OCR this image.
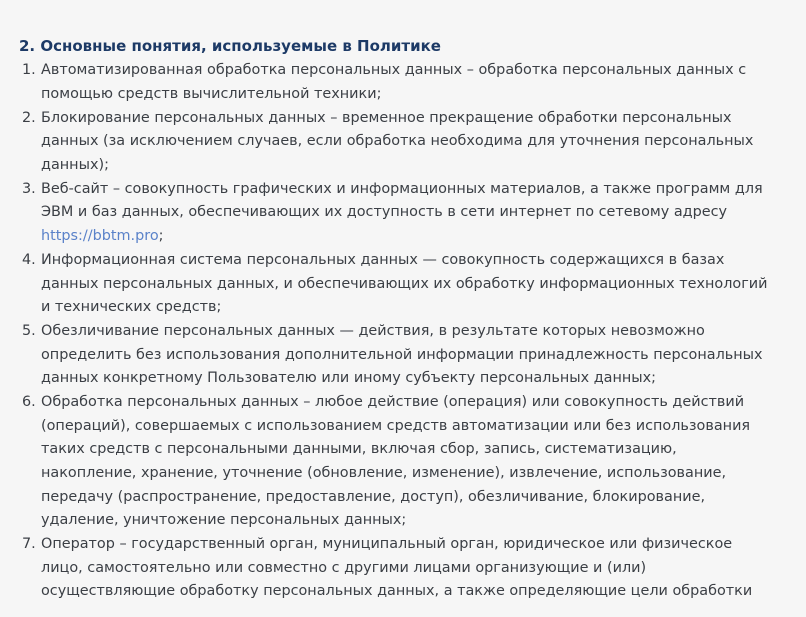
2. Основные понятия, используемые в Политике
1. Автоматизированная обработка персональных данных – обработка персональных данных с
помощью средств вычислительной техники;
2. Блокирование персональных данных – временное прекращение обработки персональных
данных (за исключением случаев, если обработка необходима для уточнения персональных
данных);
3. Веб-сайт – совокупность графических и информационных материалов, а также программ для
ЭВМ и баз данных, обеспечивающих их доступность в сети интернет по сетевому адресу
https://bbtm.pro;
4. Информационная система персональных данных — совокупность содержащихся в базах
данных персональных данных, и обеспечивающих их обработку информационных технологий
и технических средств;
5. Обезличивание персональных данных — действия, в результате которых невозможно
определить без использования дополнительной информации принадлежность персональных
данных конкретному Пользователю или иному субъекту персональных данных;
6. Обработка персональных данных – любое действие (операция) или совокупность действий
(операций), совершаемых с использованием средств автоматизации или без использования
таких средств с персональными данными, включая сбор, запись, систематизацию,
накопление, хранение, уточнение (обновление, изменение), извлечение, использование,
передачу (распространение, предоставление, доступ), обезличивание, блокирование,
удаление, уничтожение персональных данных;
7. Оператор – государственный орган, муниципальный орган, юридическое или физическое
лицо, самостоятельно или совместно с другими лицами организующие и (или)
осуществляющие обработку персональных данных, а также определяющие цели обработки
